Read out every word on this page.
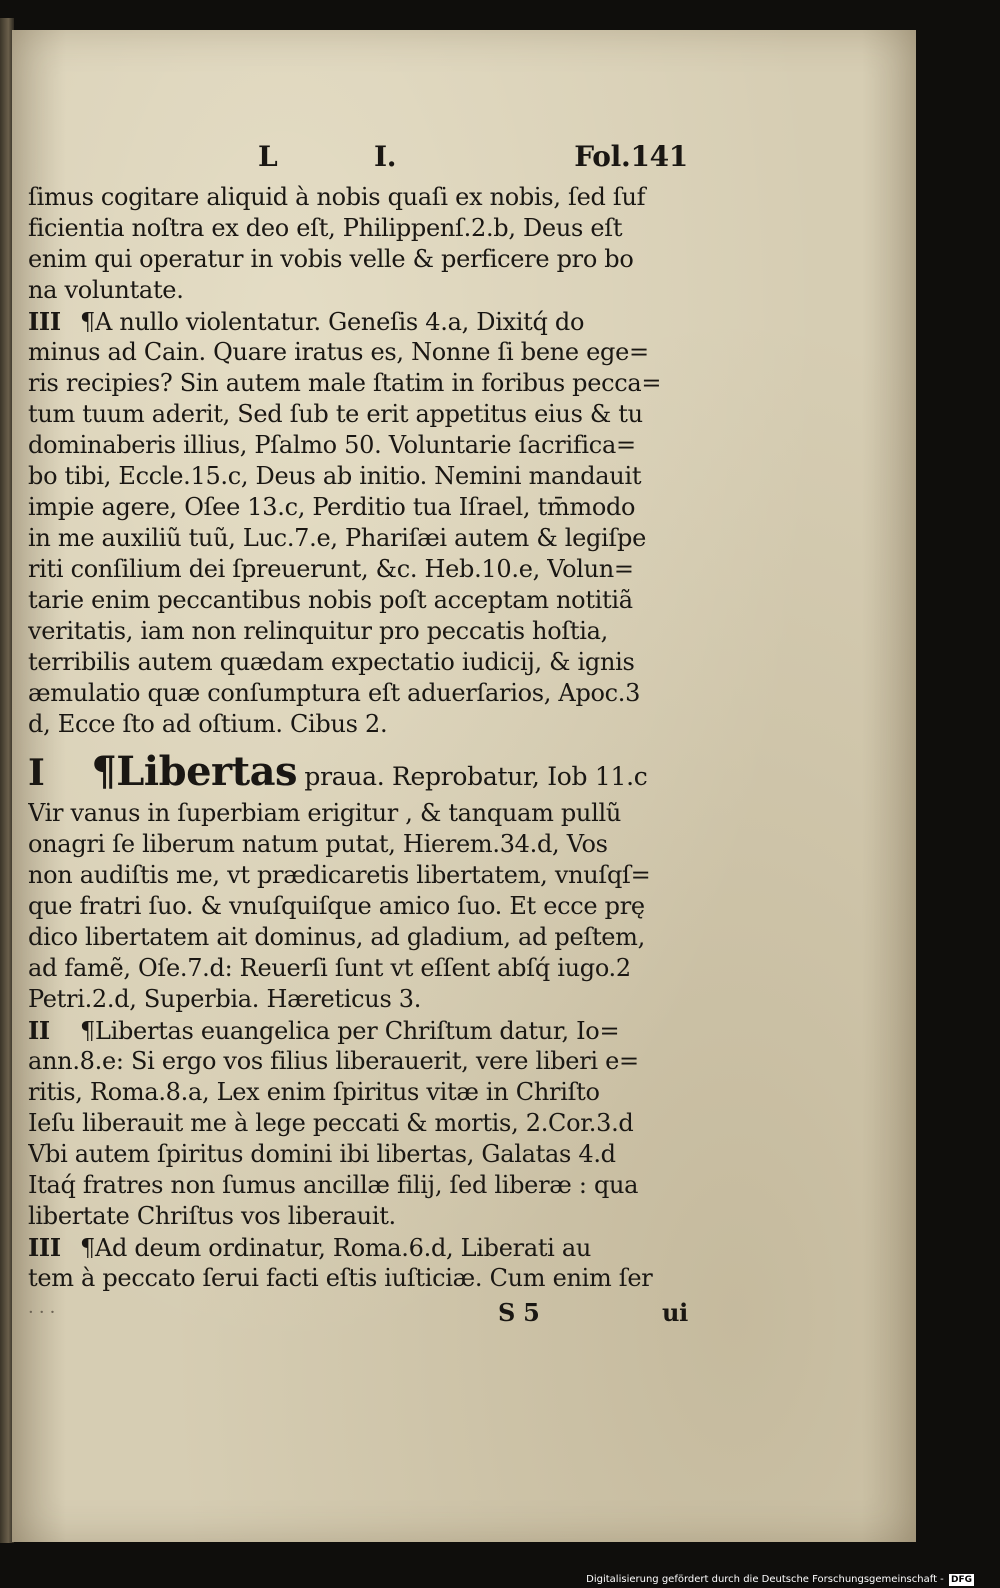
L	I.	Fol.141
ſimus cogitare aliquid à nobis quaſi ex nobis, ſed ſuf
ficientia noſtra ex deo eſt, Philippenſ.2.b, Deus eſt
enim qui operatur in vobis velle & perficere pro bo
na voluntate.
III ¶A nullo violentatur. Geneſis 4.a, Dixitq́ do
minus ad Cain. Quare iratus es, Nonne ſi bene ege=
ris recipies? Sin autem male ſtatim in foribus pecca=
tum tuum aderit, Sed ſub te erit appetitus eius & tu
dominaberis illius, Pſalmo 50. Voluntarie ſacrifica=
bo tibi, Eccle.15.c, Deus ab initio. Nemini mandauit
impie agere, Oſee 13.c, Perditio tua Iſrael, tm̄modo
in me auxiliũ tuũ, Luc.7.e, Phariſæi autem & legiſpe
riti conſilium dei ſpreuerunt, &c. Heb.10.e, Volun=
tarie enim peccantibus nobis poſt acceptam notitiã
veritatis, iam non relinquitur pro peccatis hoſtia,
terribilis autem quædam expectatio iudicij, & ignis
æmulatio quæ conſumptura eſt aduerſarios, Apoc.3
d, Ecce ſto ad oſtium. Cibus 2.
I ¶Libertas praua. Reprobatur, Iob 11.c
Vir vanus in ſuperbiam erigitur , & tanquam pullũ
onagri ſe liberum natum putat, Hierem.34.d, Vos
non audiſtis me, vt prædicaretis libertatem, vnuſqſ=
que fratri ſuo. & vnuſquiſque amico ſuo. Et ecce prę
dico libertatem ait dominus, ad gladium, ad peſtem,
ad famẽ, Oſe.7.d: Reuerſi ſunt vt eſſent abſq́ iugo.2
Petri.2.d, Superbia. Hæreticus 3.
II ¶Libertas euangelica per Chriſtum datur, Io=
ann.8.e: Si ergo vos filius liberauerit, vere liberi e=
ritis, Roma.8.a, Lex enim ſpiritus vitæ in Chriſto
Ieſu liberauit me à lege peccati & mortis, 2.Cor.3.d
Vbi autem ſpiritus domini ibi libertas, Galatas 4.d
Itaq́ fratres non ſumus ancillæ filij, ſed liberæ : qua
libertate Chriſtus vos liberauit.
III ¶Ad deum ordinatur, Roma.6.d, Liberati au
tem à peccato ſerui facti eſtis iuſticiæ. Cum enim ſer
· · ·	S 5	ui
Digitalisierung gefördert durch die Deutsche Forschungsgemeinschaft - DFG
